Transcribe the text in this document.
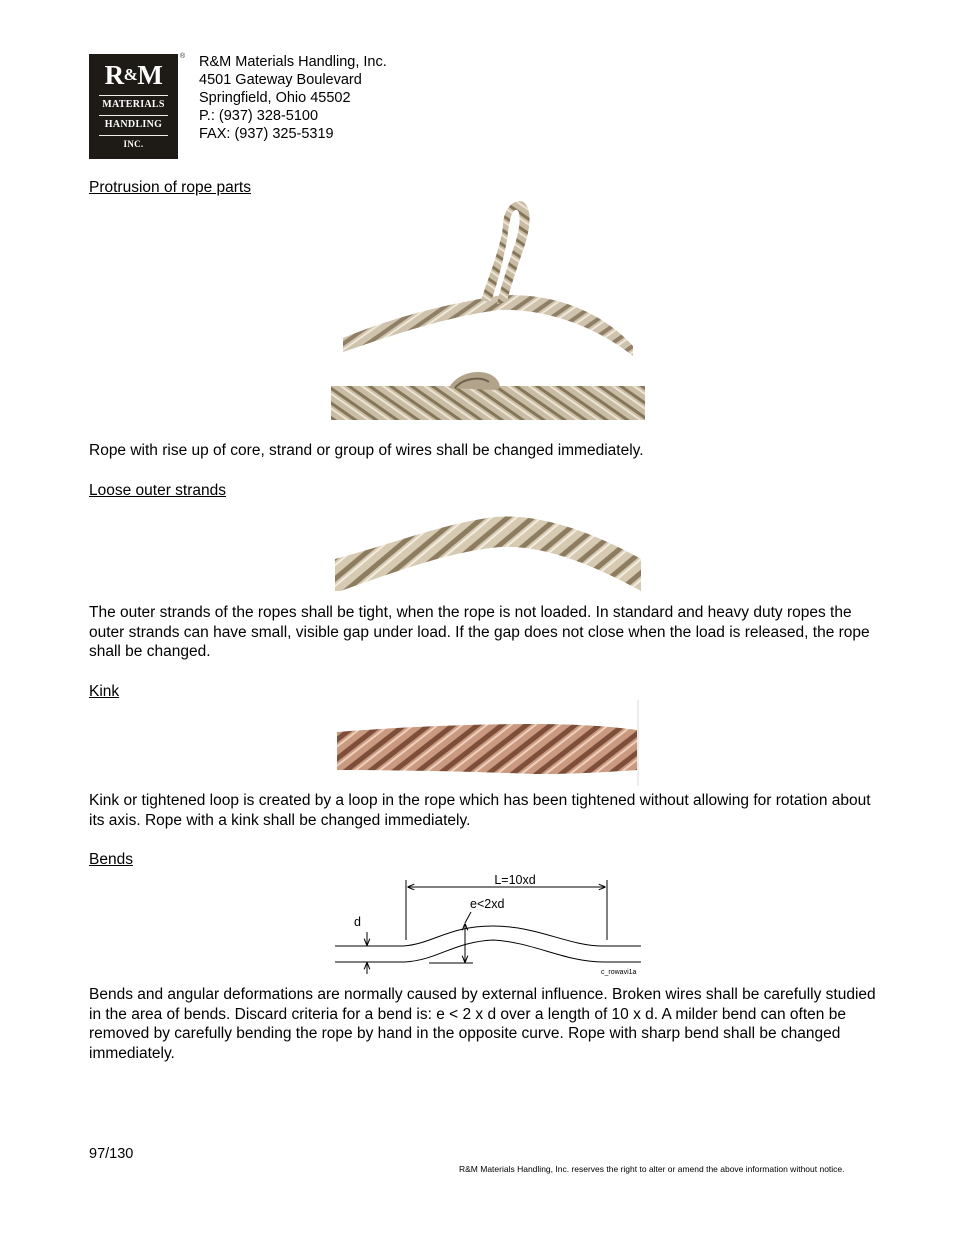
R&M
MATERIALS
HANDLING
INC.
® R&M Materials Handling, Inc.
4501 Gateway Boulevard
Springfield, Ohio 45502
P.: (937) 328-5100
FAX: (937) 325-5319
Protrusion of rope parts
Rope with rise up of core, strand or group of wires shall be changed immediately.
Loose outer strands
The outer strands of the ropes shall be tight, when the rope is not loaded. In standard and heavy duty ropes the outer strands can have small, visible gap under load. If the gap does not close when the load is released, the rope shall be changed.
Kink
Kink or tightened loop is created by a loop in the rope which has been tightened without allowing for rotation about its axis. Rope with a kink shall be changed immediately.
Bends
L=10xd
e<2xd
d
c_rowavi1a
Bends and angular deformations are normally caused by external influence. Broken wires shall be carefully studied in the area of bends. Discard criteria for a bend is: e < 2 x d over a length of 10 x d. A milder bend can often be removed by carefully bending the rope by hand in the opposite curve. Rope with sharp bend shall be changed immediately.
97/130
R&M Materials Handling, Inc. reserves the right to alter or amend the above information without notice.
